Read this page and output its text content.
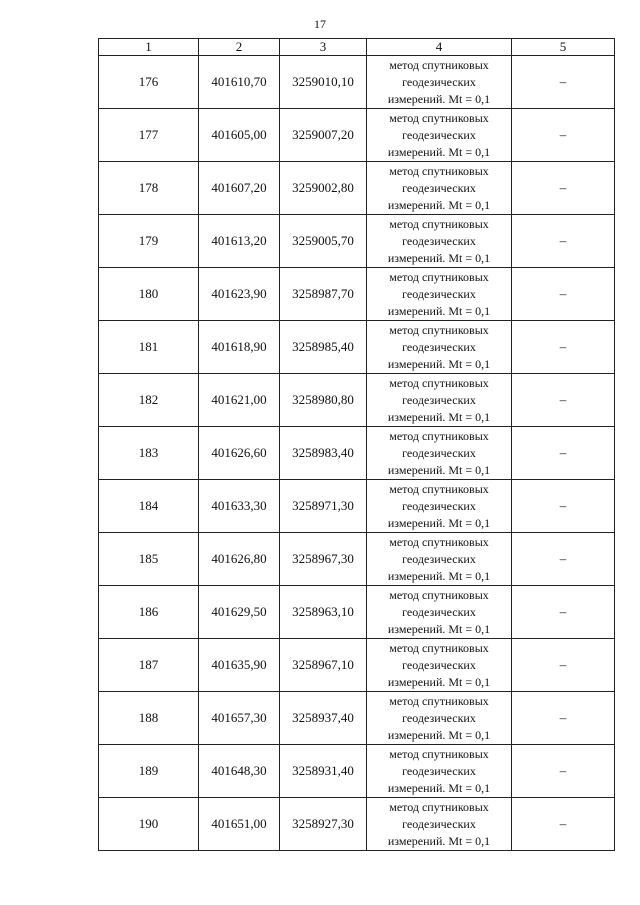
17
1	2	3	4	5
176	401610,70	3259010,10	метод спутниковых
геодезических
измерений. Mt = 0,1	–
177	401605,00	3259007,20	метод спутниковых
геодезических
измерений. Mt = 0,1	–
178	401607,20	3259002,80	метод спутниковых
геодезических
измерений. Mt = 0,1	–
179	401613,20	3259005,70	метод спутниковых
геодезических
измерений. Mt = 0,1	–
180	401623,90	3258987,70	метод спутниковых
геодезических
измерений. Mt = 0,1	–
181	401618,90	3258985,40	метод спутниковых
геодезических
измерений. Mt = 0,1	–
182	401621,00	3258980,80	метод спутниковых
геодезических
измерений. Mt = 0,1	–
183	401626,60	3258983,40	метод спутниковых
геодезических
измерений. Mt = 0,1	–
184	401633,30	3258971,30	метод спутниковых
геодезических
измерений. Mt = 0,1	–
185	401626,80	3258967,30	метод спутниковых
геодезических
измерений. Mt = 0,1	–
186	401629,50	3258963,10	метод спутниковых
геодезических
измерений. Mt = 0,1	–
187	401635,90	3258967,10	метод спутниковых
геодезических
измерений. Mt = 0,1	–
188	401657,30	3258937,40	метод спутниковых
геодезических
измерений. Mt = 0,1	–
189	401648,30	3258931,40	метод спутниковых
геодезических
измерений. Mt = 0,1	–
190	401651,00	3258927,30	метод спутниковых
геодезических
измерений. Mt = 0,1	–
